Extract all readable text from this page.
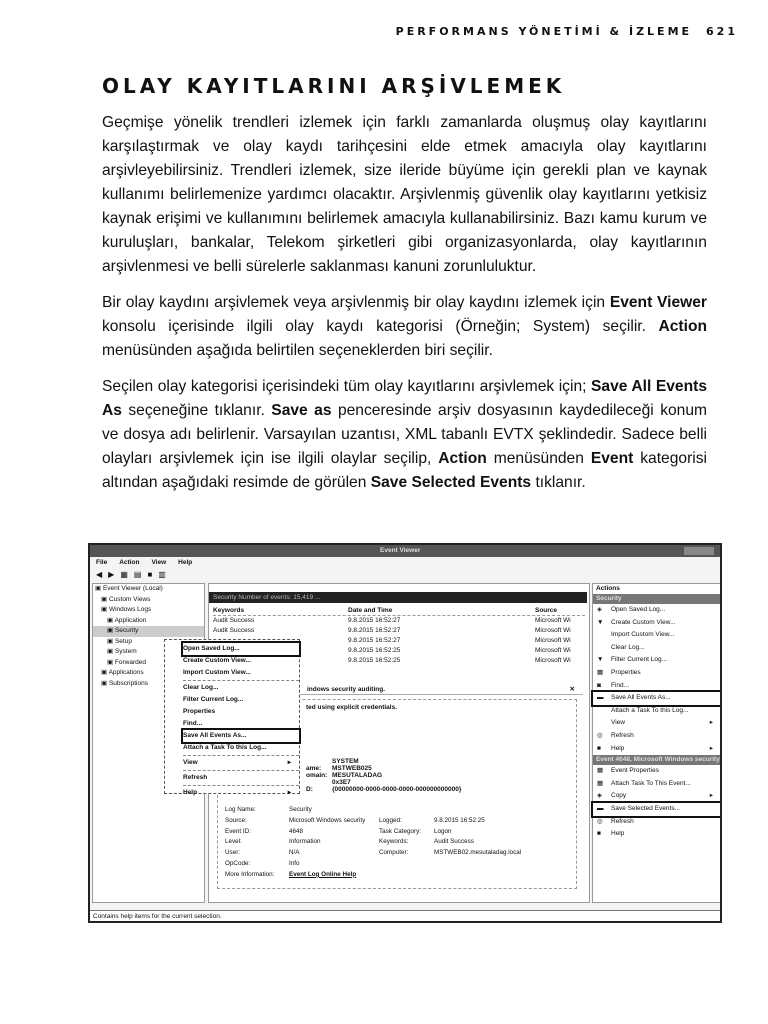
PERFORMANS YÖNETİMİ & İZLEME 621
OLAY KAYITLARINI ARŞİVLEMEK

Geçmişe yönelik trendleri izlemek için farklı zamanlarda oluşmuş olay kayıtlarını karşılaştırmak ve olay kaydı tarihçesini elde etmek amacıyla olay kayıtlarını arşivleyebilirsiniz. Trendleri izlemek, size ileride büyüme için gerekli plan ve kaynak kullanımı belirlemenize yardımcı olacaktır. Arşivlenmiş güvenlik olay kayıtlarını yetkisiz kaynak erişimi ve kullanımını belirlemek amacıyla kullanabilirsiniz. Bazı kamu kurum ve kuruluşları, bankalar, Telekom şirketleri gibi organizasyonlarda, olay kayıtlarının arşivlenmesi ve belli sürelerle saklanması kanuni zorunluluktur.

Bir olay kaydını arşivlemek veya arşivlenmiş bir olay kaydını izlemek için Event Viewer konsolu içerisinde ilgili olay kaydı kategorisi (Örneğin; System) seçilir. Action menüsünden aşağıda belirtilen seçeneklerden biri seçilir.

Seçilen olay kategorisi içerisindeki tüm olay kayıtlarını arşivlemek için; Save All Events As seçeneğine tıklanır. Save as penceresinde arşiv dosyasının kaydedileceği konum ve dosya adı belirlenir. Varsayılan uzantısı, XML tabanlı EVTX şeklindedir. Sadece belli olayları arşivlemek için ise ilgili olaylar seçilip, Action menüsünden Event kategorisi altından aşağıdaki resimde de görülen Save Selected Events tıklanır.

Event Viewer
File Action View Help
◀ ▶ ▦ ▤ ■ ▥
▣ Event Viewer (Local)
▣ Custom Views
▣ Windows Logs
▣ Application
▣ Security
▣ Setup
▣ System
▣ Forwarded
▣ Applications
▣ Subscriptions
Security Number of events: 15,419 ...
Keywords	Date and Time	Source
Audit Success	9.8.2015 16:52:27	Microsoft Wi
Audit Success	9.8.2015 16:52:27	Microsoft Wi
9.8.2015 16:52:27	Microsoft Wi
9.8.2015 16:52:25	Microsoft Wi
9.8.2015 16:52:25	Microsoft Wi
indows security auditing.	✕
ted using explicit credentials.
SYSTEM
ame:	MSTWEB025
omain: MESUTALADAG
0x3E7
D:	{00000000-0000-0000-0000-000000000000}
Log Name:	Security
Source:	Microsoft Windows security	Logged:	9.8.2015 16:52:25
Event ID:	4648	Task Category:	Logon
Level:	Information	Keywords:	Audit Success
User:	N/A	Computer:	MSTWEB02.mesutaladag.local
OpCode:	Info
More Information:	Event Log Online Help
Open Saved Log...
Create Custom View...
Import Custom View...
Clear Log...
Filter Current Log...
Properties
Find...
Save All Events As...
Attach a Task To this Log...
View	▸
Refresh
Help	▸
Actions
Security
◈ Open Saved Log...
▼ Create Custom View...
Import Custom View...
Clear Log...
▼ Filter Current Log...
▦ Properties
◙ Find...
▬ Save All Events As...
Attach a Task To this Log...
View	▸
◎ Refresh
■ Help	▸
Event 4648, Microsoft Windows security
▦ Event Properties
▦ Attach Task To This Event...
◈ Copy	▸
▬ Save Selected Events...
◎ Refresh
■ Help
Contains help items for the current selection.
